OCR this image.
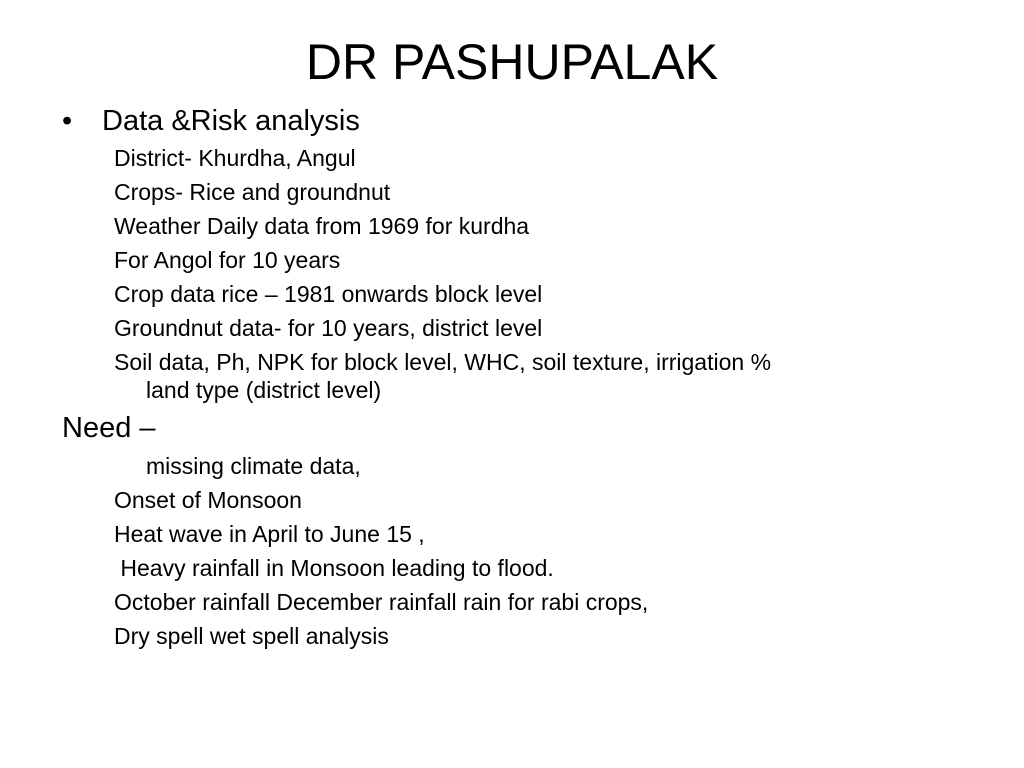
DR PASHUPALAK
• Data &Risk analysis
District- Khurdha, Angul
Crops- Rice and groundnut
Weather Daily data from 1969 for kurdha
For Angol for 10 years
Crop data rice – 1981 onwards block level
Groundnut data- for 10 years, district level
Soil data, Ph, NPK for block level, WHC, soil texture, irrigation %
land type (district level)
Need –
missing climate data,
Onset of Monsoon
Heat wave in April to June 15 ,
Heavy rainfall in Monsoon leading to flood.
October rainfall December rainfall rain for rabi crops,
Dry spell wet spell analysis
